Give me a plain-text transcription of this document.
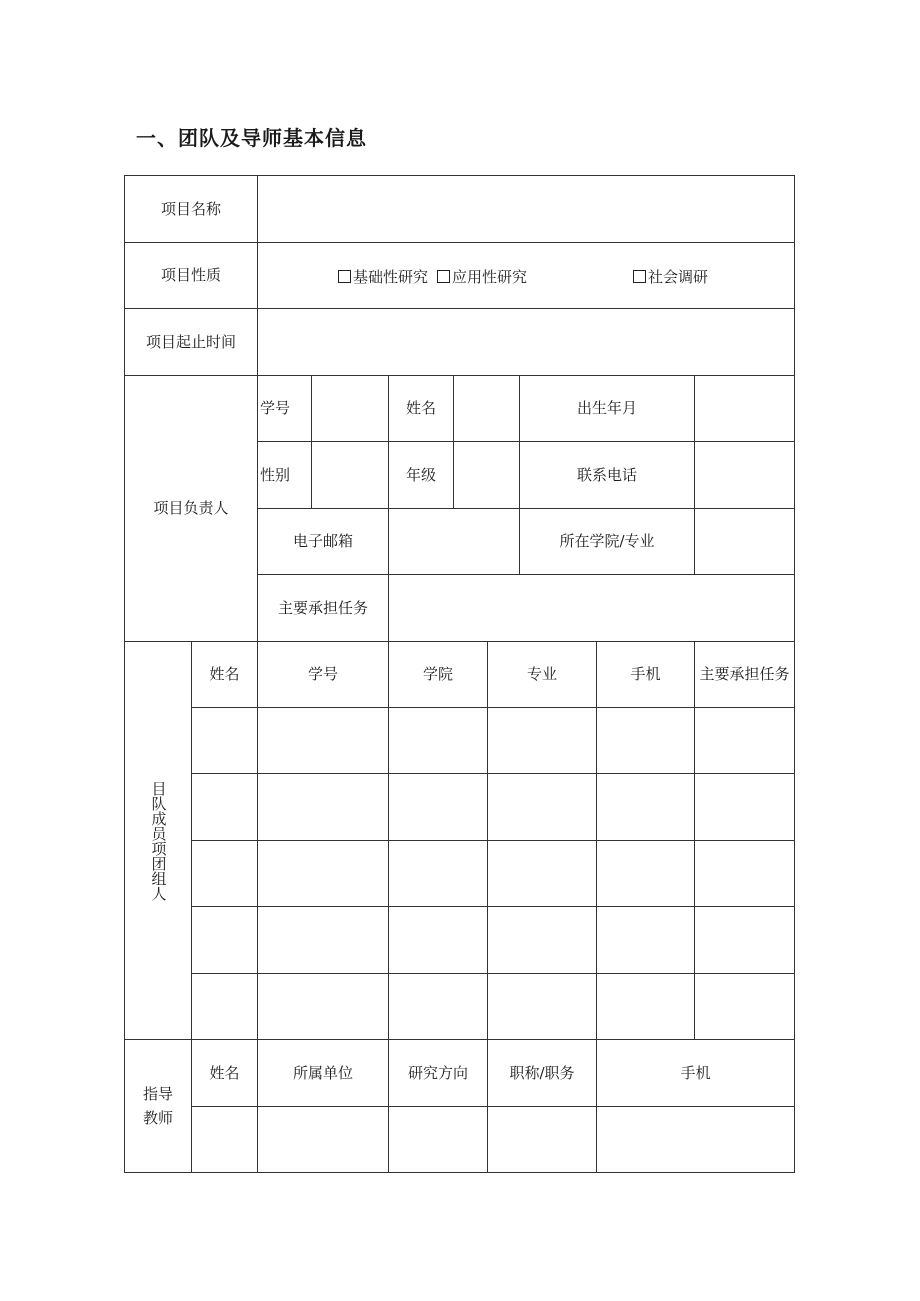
一、团队及导师基本信息
项目名称
项目性质	基础性研究	应用性研究	社会调研
项目起止时间
项目负责人
学号	姓名	出生年月
性别	年级	联系电话
电子邮箱	所在学院/专业
主要承担任务
目队成员项团组人
姓名	学号	学院	专业	手机	主要承担任务
指导教师
姓名	所属单位	研究方向	职称/职务	手机
